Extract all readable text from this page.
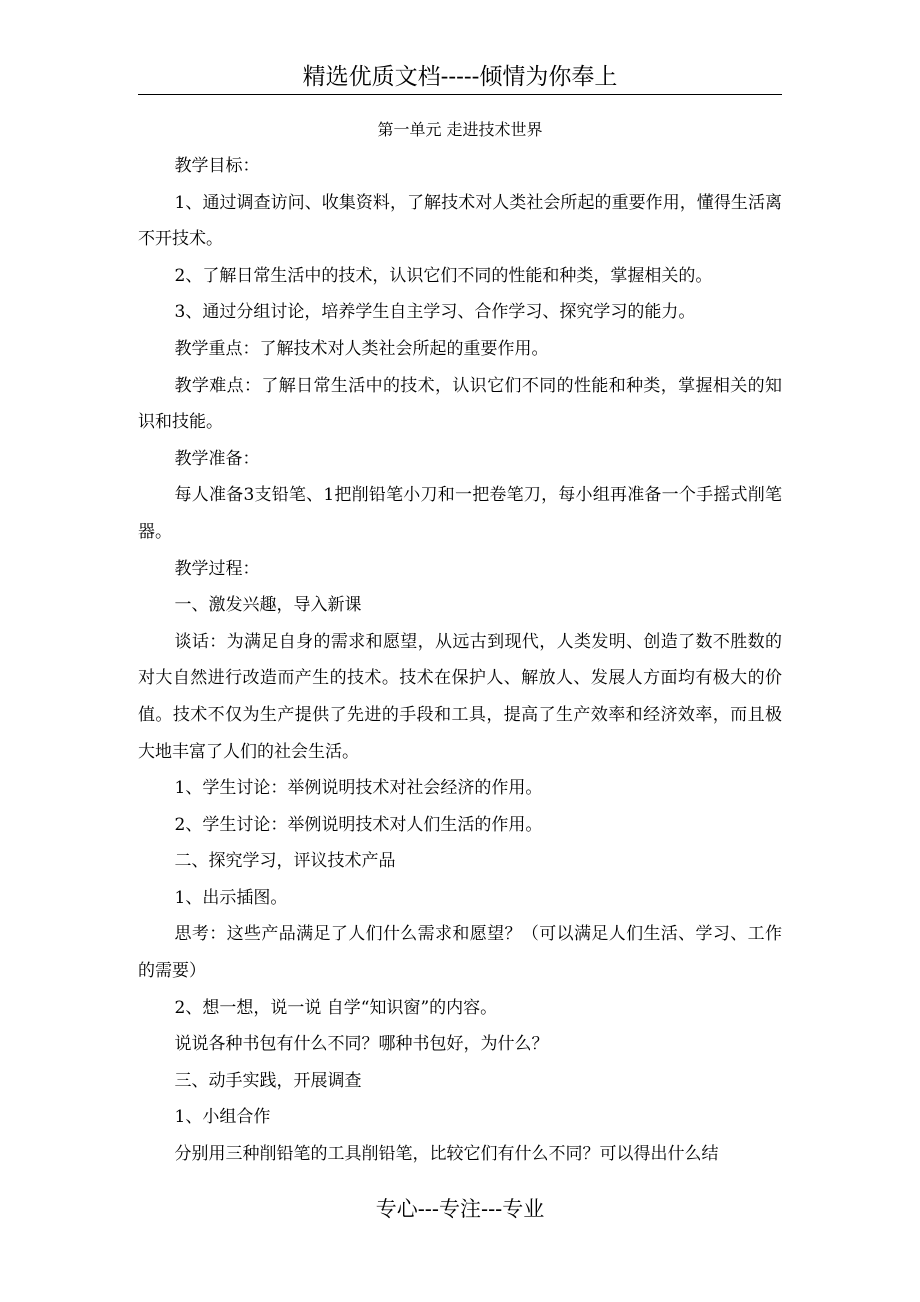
精选优质文档-----倾情为你奉上
第一单元 走进技术世界

教学目标：

1、通过调查访问、收集资料，了解技术对人类社会所起的重要作用，懂得生活离不开技术。

2、了解日常生活中的技术，认识它们不同的性能和种类，掌握相关的。

3、通过分组讨论，培养学生自主学习、合作学习、探究学习的能力。

教学重点：了解技术对人类社会所起的重要作用。

教学难点：了解日常生活中的技术，认识它们不同的性能和种类，掌握相关的知识和技能。

教学准备：

每人准备3支铅笔、1把削铅笔小刀和一把卷笔刀，每小组再准备一个手摇式削笔器。

教学过程：

一、激发兴趣，导入新课

谈话：为满足自身的需求和愿望，从远古到现代，人类发明、创造了数不胜数的对大自然进行改造而产生的技术。技术在保护人、解放人、发展人方面均有极大的价值。技术不仅为生产提供了先进的手段和工具，提高了生产效率和经济效率，而且极大地丰富了人们的社会生活。

1、学生讨论：举例说明技术对社会经济的作用。

2、学生讨论：举例说明技术对人们生活的作用。

二、探究学习，评议技术产品

1、出示插图。

思考：这些产品满足了人们什么需求和愿望？（可以满足人们生活、学习、工作的需要）

2、想一想，说一说 自学“知识窗”的内容。

说说各种书包有什么不同？哪种书包好，为什么？

三、动手实践，开展调查

1、小组合作

分别用三种削铅笔的工具削铅笔，比较它们有什么不同？可以得出什么结

专心---专注---专业
